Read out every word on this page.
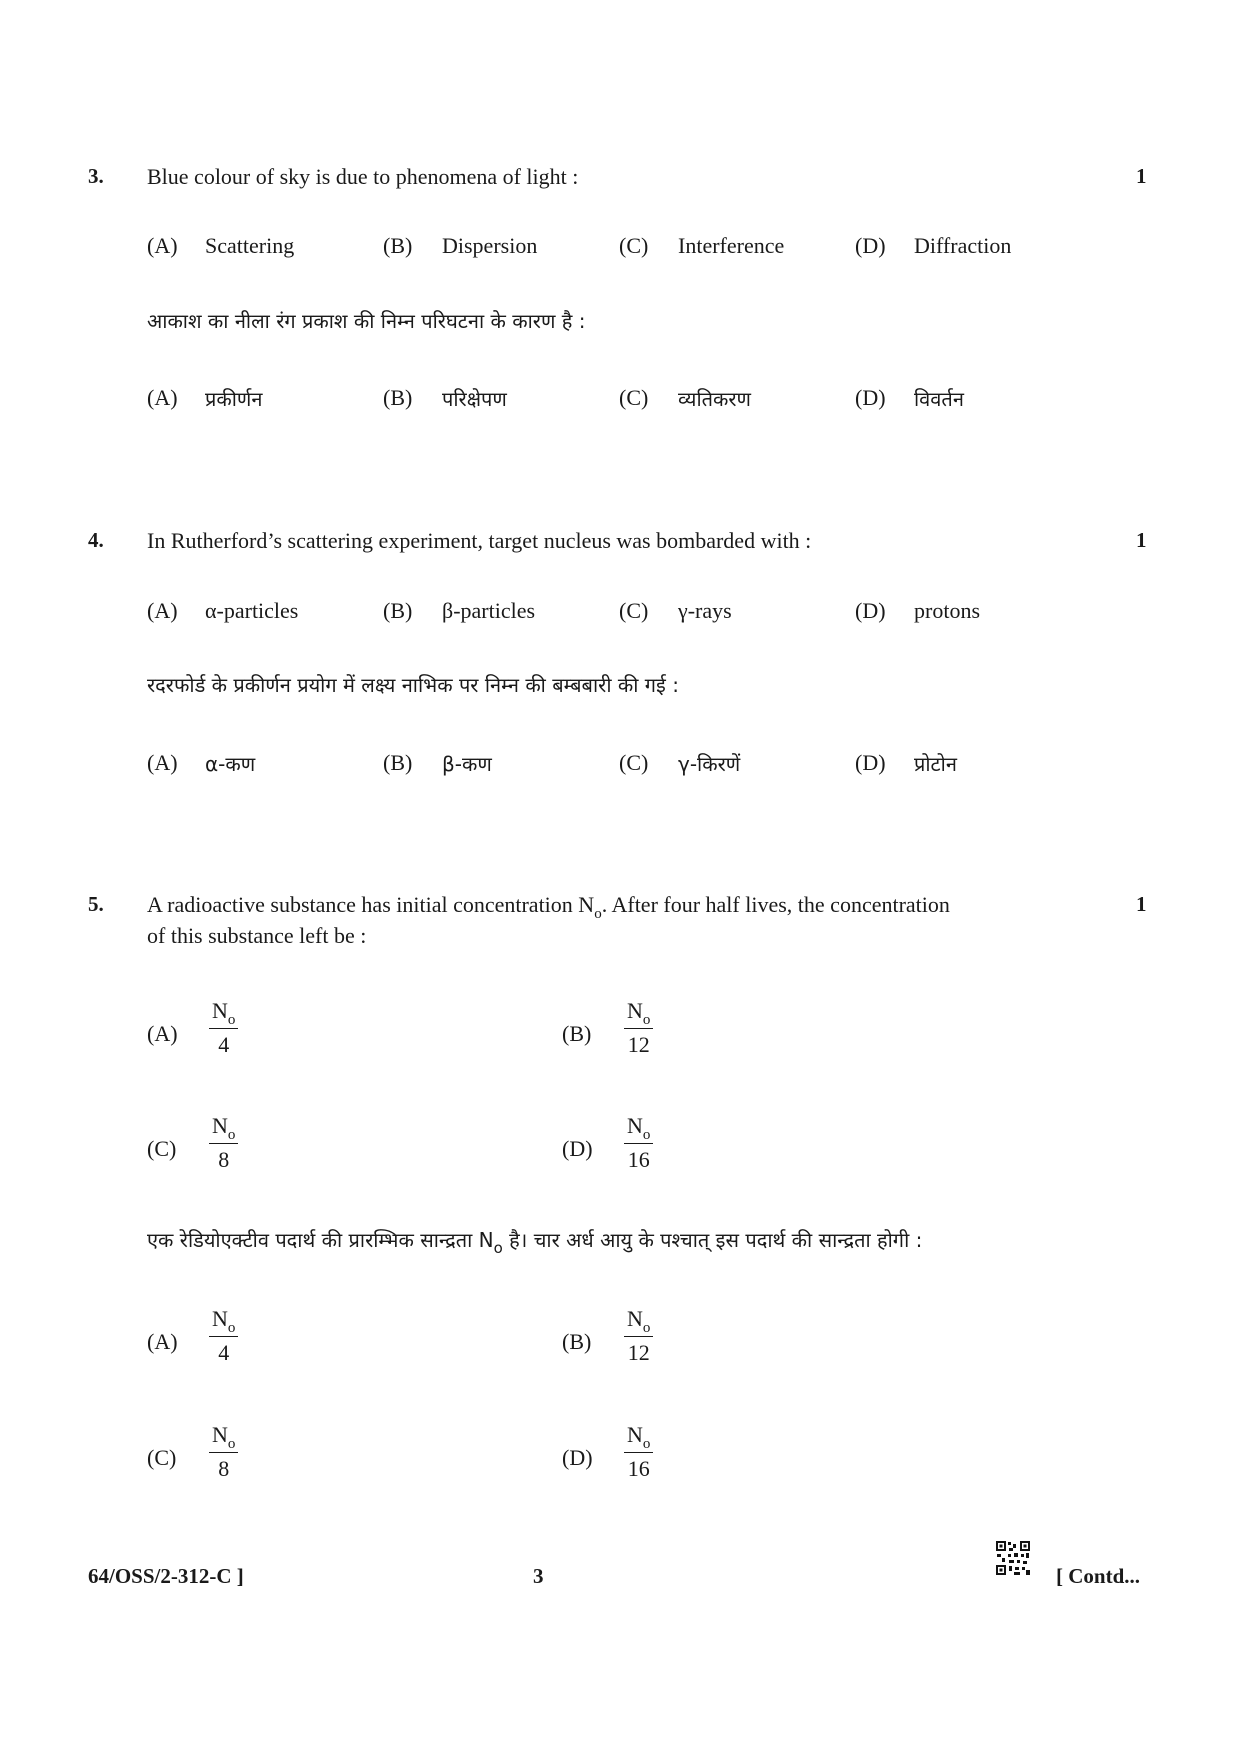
3. Blue colour of sky is due to phenomena of light :	1
(A) Scattering	(B) Dispersion	(C) Interference	(D) Diffraction
आकाश का नीला रंग प्रकाश की निम्न परिघटना के कारण है :
(A) प्रकीर्णन	(B) परिक्षेपण	(C) व्यतिकरण	(D) विवर्तन
4. In Rutherford’s scattering experiment, target nucleus was bombarded with :	1
(A) α-particles	(B) β-particles	(C) γ-rays	(D) protons
रदरफोर्ड के प्रकीर्णन प्रयोग में लक्ष्य नाभिक पर निम्न की बम्बबारी की गई :
(A) α-कण	(B) β-कण	(C) γ-किरणें	(D) प्रोटोन
5. A radioactive substance has initial concentration $N_o$. After four half lives, the concentration
of this substance left be :
1
$(A) \frac{N_o}{4}$	$(B) \frac{N_o}{12}$
$(C) \frac{N_o}{8}$	$(D) \frac{N_o}{16}$
एक रेडियोएक्टीव पदार्थ की प्रारम्भिक सान्द्रता $N_o$ है। चार अर्ध आयु के पश्चात् इस पदार्थ की सान्द्रता होगी :
$(A) \frac{N_o}{4}$	$(B) \frac{N_o}{12}$
$(C) \frac{N_o}{8}$	$(D) \frac{N_o}{16}$
64/OSS/2-312-C ]	3	[ Contd...
